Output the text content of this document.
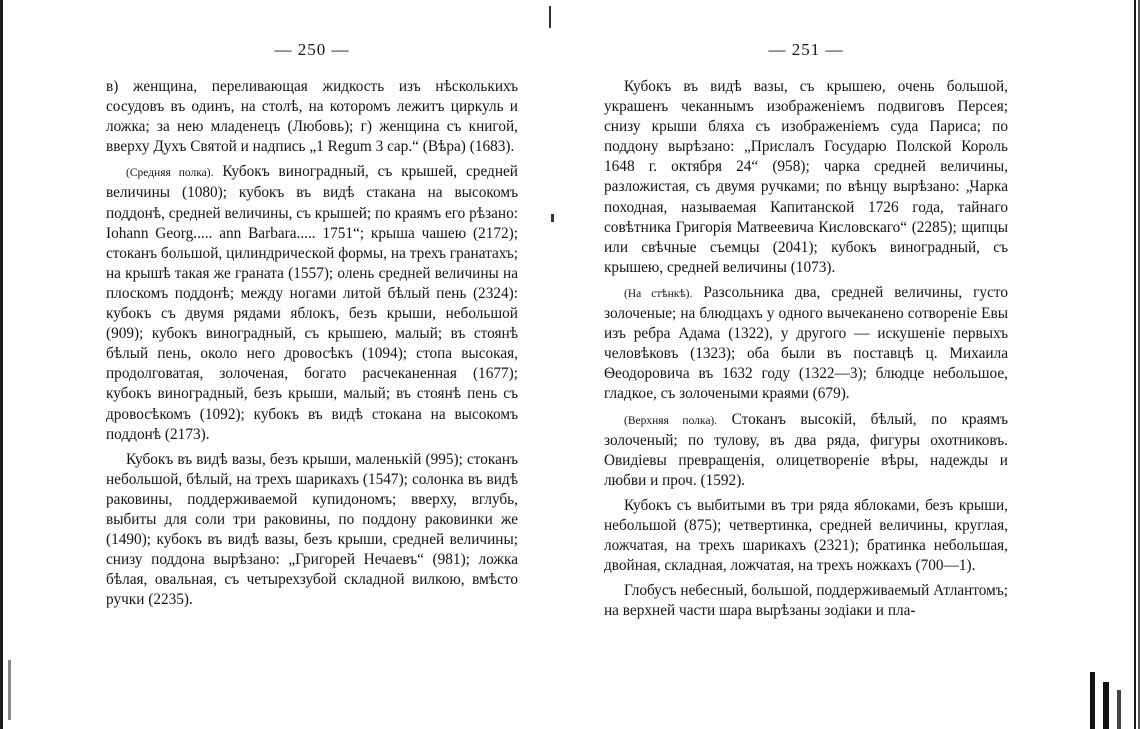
— 250 —

в) женщина, переливающая жидкость изъ нѣсколькихъ сосудовъ въ одинъ, на столѣ, на которомъ лежитъ циркуль и ложка; за нею младенецъ (Любовь); г) женщина съ книгой, вверху Духъ Святой и надпись „1 Regum 3 cap.“ (Вѣра) (1683).

(Средняя полка). Кубокъ виноградный, съ крышей, средней величины (1080); кубокъ въ видѣ стакана на высокомъ поддонѣ, средней величины, съ крышей; по краямъ его рѣзано: Iohann Georg..... ann Barbara..... 1751“; крыша чашею (2172); стоканъ большой, цилиндрической формы, на трехъ гранатахъ; на крышѣ такая же граната (1557); олень средней величины на плоскомъ поддонѣ; между ногами литой бѣлый пень (2324): кубокъ съ двумя рядами яблокъ, безъ крыши, небольшой (909); кубокъ виноградный, съ крышею, малый; въ стоянѣ бѣлый пень, около него дровосѣкъ (1094); стопа высокая, продолговатая, золоченая, богато расчеканенная (1677); кубокъ виноградный, безъ крыши, малый; въ стоянѣ пень съ дровосѣкомъ (1092); кубокъ въ видѣ стокана на высокомъ поддонѣ (2173).

Кубокъ въ видѣ вазы, безъ крыши, маленькій (995); стоканъ небольшой, бѣлый, на трехъ шарикахъ (1547); солонка въ видѣ раковины, поддерживаемой купидономъ; вверху, вглубь, выбиты для соли три раковины, по поддону раковинки же (1490); кубокъ въ видѣ вазы, безъ крыши, средней величины; снизу поддона вырѣзано: „Григорей Нечаевъ“ (981); ложка бѣлая, овальная, съ четырехзубой складной вилкою, вмѣсто ручки (2235).

— 251 —

Кубокъ въ видѣ вазы, съ крышею, очень большой, украшенъ чеканнымъ изображеніемъ подвиговъ Персея; снизу крыши бляха съ изображеніемъ суда Париса; по поддону вырѣзано: „Прислалъ Государю Полской Король 1648 г. октября 24“ (958); чарка средней величины, разложистая, съ двумя ручками; по вѣнцу вырѣзано: „Чарка походная, называемая Капитанской 1726 года, тайнаго совѣтника Григорія Матвеевича Кисловскаго“ (2285); щипцы или свѣчные съемцы (2041); кубокъ виноградный, съ крышею, средней величины (1073).

(На стѣнкѣ). Разсольника два, средней величины, густо золоченые; на блюдцахъ у одного вычеканено сотвореніе Евы изъ ребра Адама (1322), у другого — искушеніе первыхъ человѣковъ (1323); оба были въ поставцѣ ц. Михаила Ѳеодоровича въ 1632 году (1322—3); блюдце небольшое, гладкое, съ золочеными краями (679).

(Верхняя полка). Стоканъ высокій, бѣлый, по краямъ золоченый; по тулову, въ два ряда, фигуры охотниковъ. Овидіевы превращенія, олицетвореніе вѣры, надежды и любви и проч. (1592).

Кубокъ съ выбитыми въ три ряда яблоками, безъ крыши, небольшой (875); четвертинка, средней величины, круглая, ложчатая, на трехъ шарикахъ (2321); братинка небольшая, двойная, складная, ложчатая, на трехъ ножкахъ (700—1).

Глобусъ небесный, большой, поддерживаемый Атлантомъ; на верхней части шара вырѣзаны зодіаки и пла-
